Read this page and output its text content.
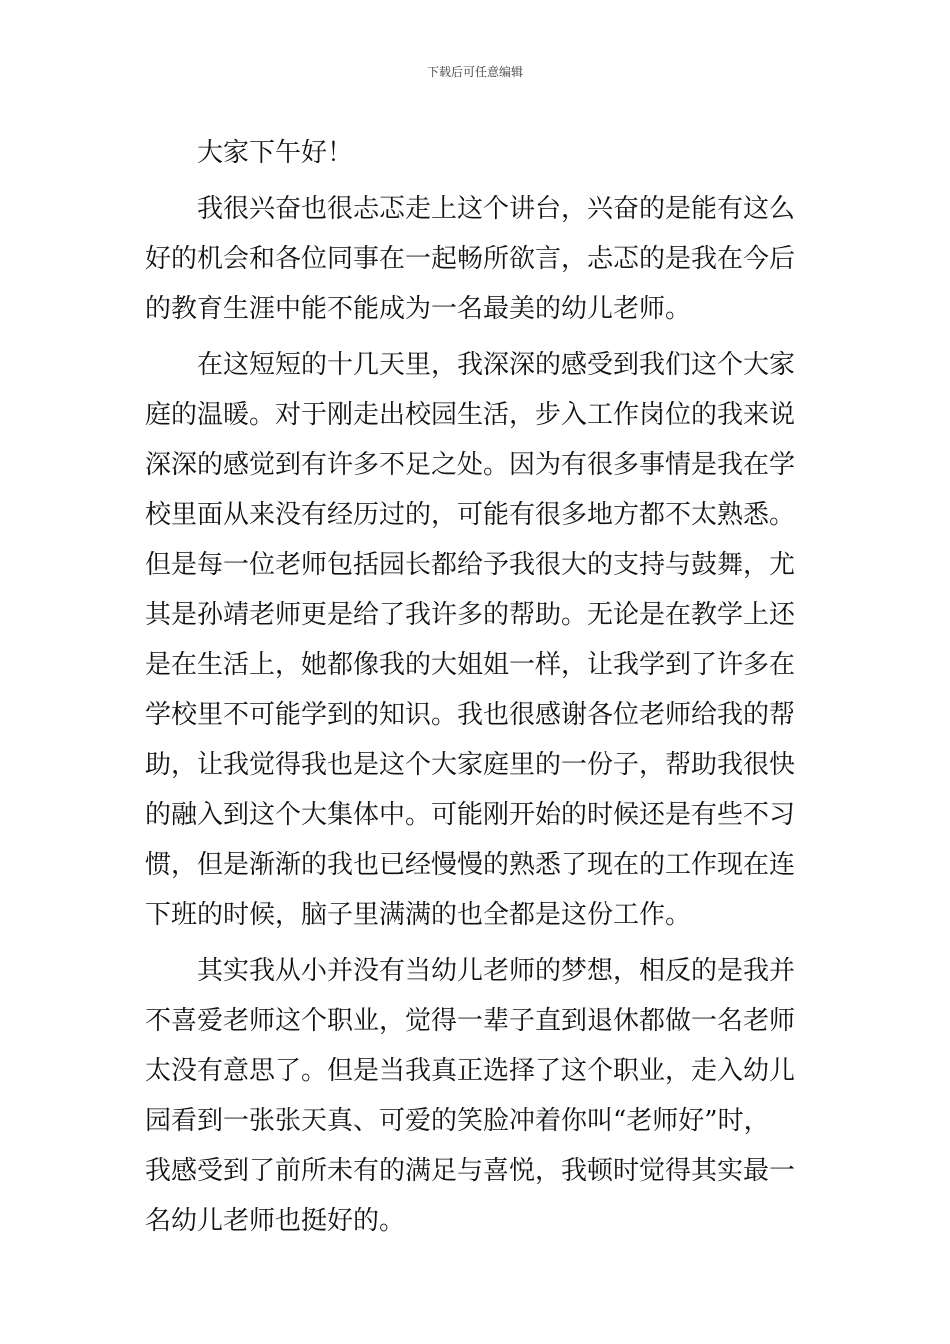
下载后可任意编辑
大家下午好！
我很兴奋也很忐忑走上这个讲台，兴奋的是能有这么
好的机会和各位同事在一起畅所欲言，忐忑的是我在今后
的教育生涯中能不能成为一名最美的幼儿老师。
在这短短的十几天里，我深深的感受到我们这个大家
庭的温暖。对于刚走出校园生活，步入工作岗位的我来说
深深的感觉到有许多不足之处。因为有很多事情是我在学
校里面从来没有经历过的，可能有很多地方都不太熟悉。
但是每一位老师包括园长都给予我很大的支持与鼓舞，尤
其是孙靖老师更是给了我许多的帮助。无论是在教学上还
是在生活上，她都像我的大姐姐一样，让我学到了许多在
学校里不可能学到的知识。我也很感谢各位老师给我的帮
助，让我觉得我也是这个大家庭里的一份子，帮助我很快
的融入到这个大集体中。可能刚开始的时候还是有些不习
惯，但是渐渐的我也已经慢慢的熟悉了现在的工作现在连
下班的时候，脑子里满满的也全都是这份工作。
其实我从小并没有当幼儿老师的梦想，相反的是我并
不喜爱老师这个职业，觉得一辈子直到退休都做一名老师
太没有意思了。但是当我真正选择了这个职业，走入幼儿
园看到一张张天真、可爱的笑脸冲着你叫“老师好”时，
我感受到了前所未有的满足与喜悦，我顿时觉得其实最一
名幼儿老师也挺好的。
